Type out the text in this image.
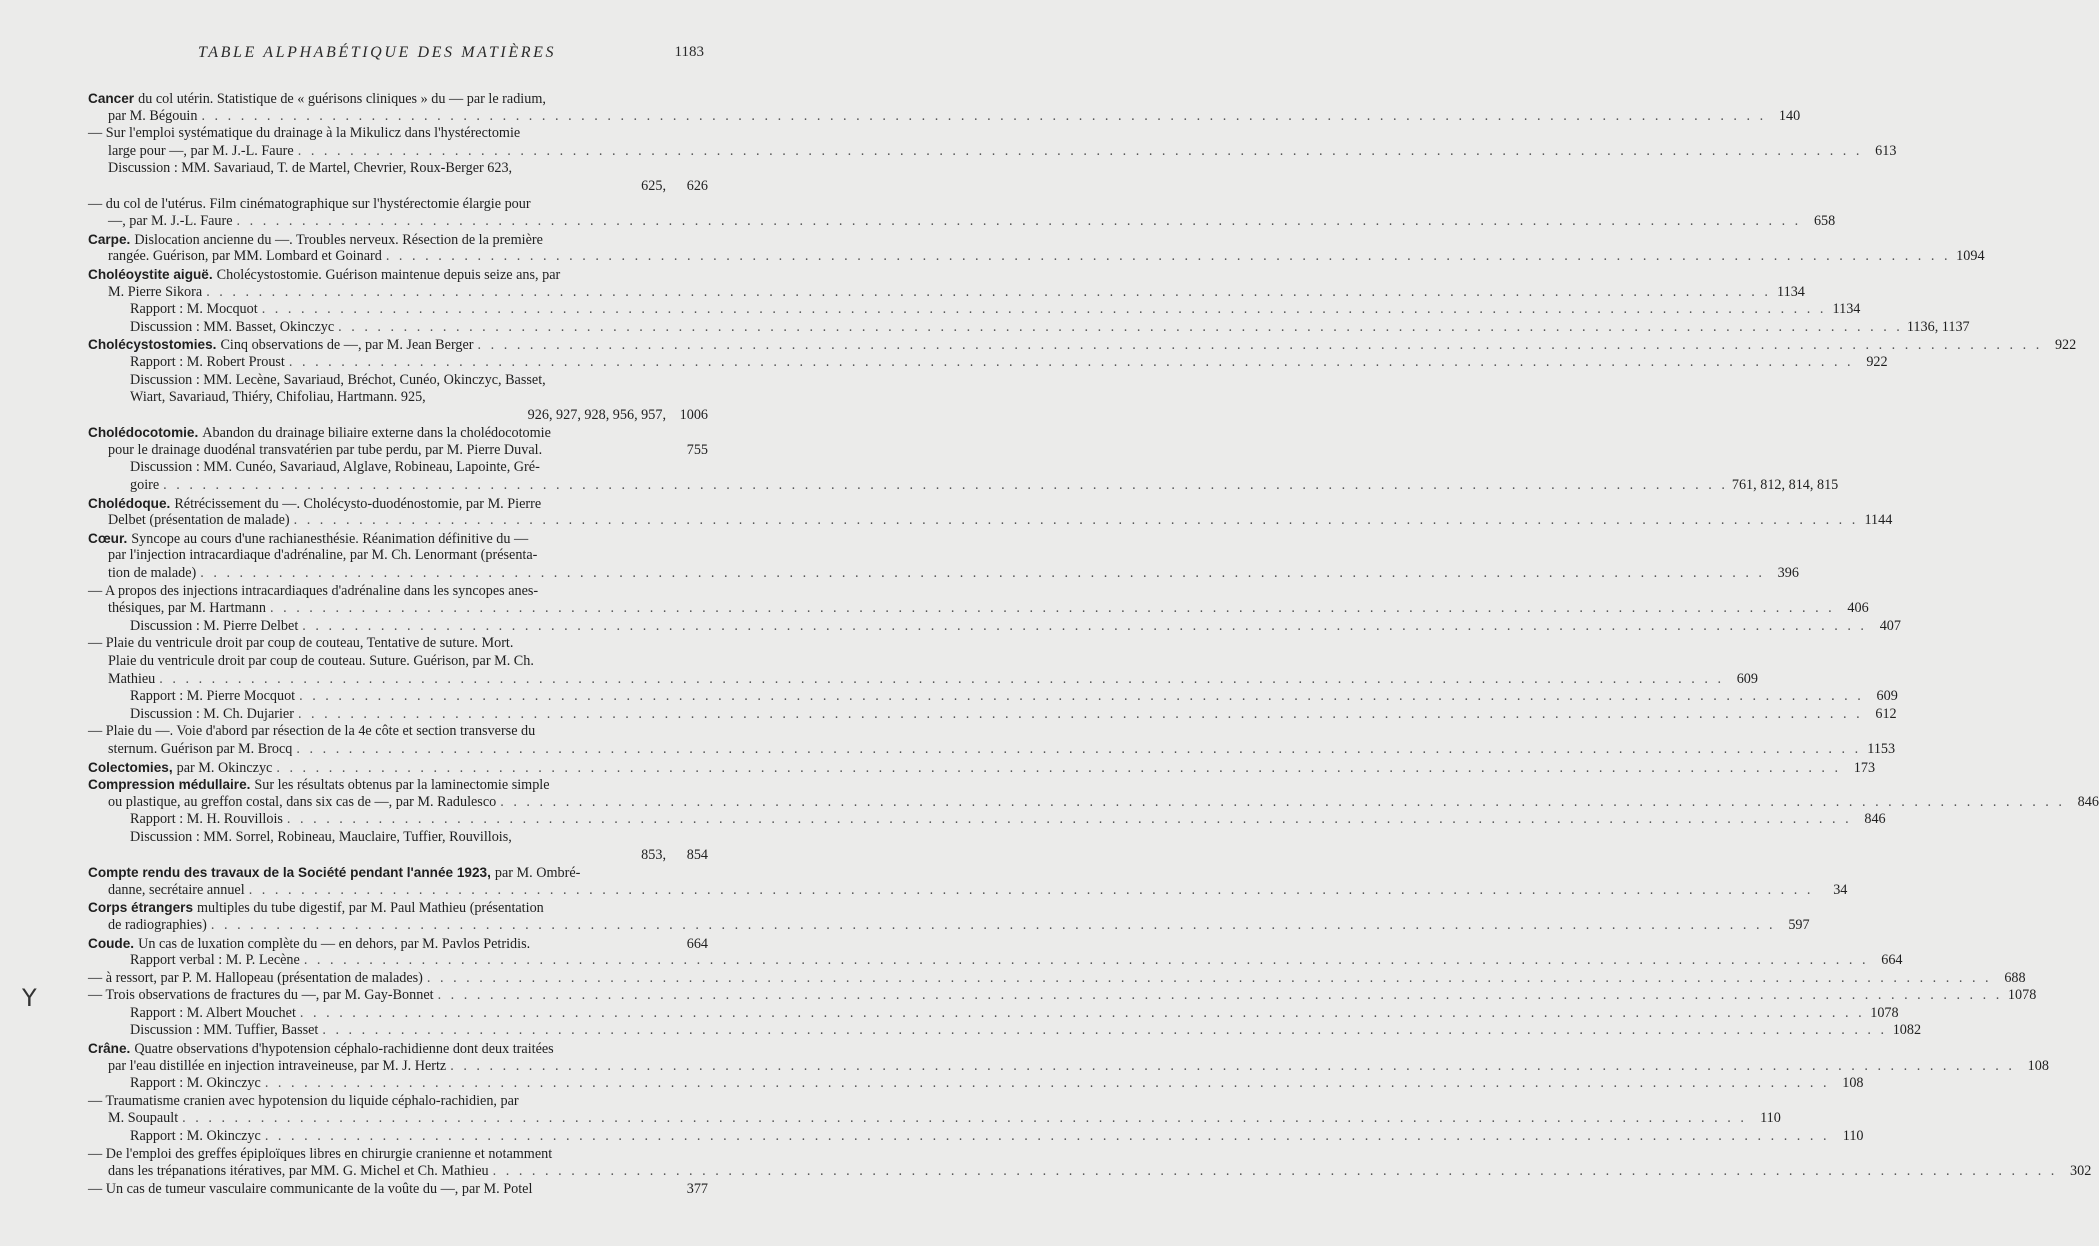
TABLE ALPHABÉTIQUE DES MATIÈRES	1183
Cancer du col utérin. Statistique de « guérisons cliniques » du — par le radium,
par M. Bégouin . . .	140
— Sur l'emploi systématique du drainage à la Mikulicz dans l'hystérectomie
large pour —, par M. J.-L. Faure . . .	613
Discussion : MM. Savariaud, T. de Martel, Chevrier, Roux-Berger 623,
625,	626
— du col de l'utérus. Film cinématographique sur l'hystérectomie élargie pour
—, par M. J.-L. Faure . . .	658
Carpe. Dislocation ancienne du —. Troubles nerveux. Résection de la première
rangée. Guérison, par MM. Lombard et Goinard . . .	1094
Choléoystite aiguë. Cholécystostomie. Guérison maintenue depuis seize ans, par
M. Pierre Sikora . . .	1134
Rapport : M. Mocquot . . .	1134
Discussion : MM. Basset, Okinczyc . . .	1136, 1137
Cholécystostomies. Cinq observations de —, par M. Jean Berger . . .	922
Rapport : M. Robert Proust . . .	922
Discussion : MM. Lecène, Savariaud, Bréchot, Cunéo, Okinczyc, Basset,
Wiart, Savariaud, Thiéry, Chifoliau, Hartmann. 925,
926, 927, 928, 956, 957, 1006
Cholédocotomie. Abandon du drainage biliaire externe dans la cholédocotomie
pour le drainage duodénal transvatérien par tube perdu, par M. Pierre Duval.	755
Discussion : MM. Cunéo, Savariaud, Alglave, Robineau, Lapointe, Gré-
goire . . .	761, 812, 814, 815
Cholédoque. Rétrécissement du —. Cholécysto-duodénostomie, par M. Pierre
Delbet (présentation de malade) . . .	1144
Cœur. Syncope au cours d'une rachianesthésie. Réanimation définitive du —
par l'injection intracardiaque d'adrénaline, par M. Ch. Lenormant (présenta-
tion de malade) . . .	396
— A propos des injections intracardiaques d'adrénaline dans les syncopes anes-
thésiques, par M. Hartmann . . .	406
Discussion : M. Pierre Delbet . . .	407
— Plaie du ventricule droit par coup de couteau, Tentative de suture. Mort.
Plaie du ventricule droit par coup de couteau. Suture. Guérison, par M. Ch.
Mathieu . . .	609
Rapport : M. Pierre Mocquot . . .	609
Discussion : M. Ch. Dujarier . . .	612
— Plaie du —. Voie d'abord par résection de la 4e côte et section transverse du
sternum. Guérison par M. Brocq . . .	1153
Colectomies, par M. Okinczyc . . .	173
Compression médullaire. Sur les résultats obtenus par la laminectomie simple
ou plastique, au greffon costal, dans six cas de —, par M. Radulesco . . .	846
Rapport : M. H. Rouvillois . . .	846
Discussion : MM. Sorrel, Robineau, Mauclaire, Tuffier, Rouvillois,
853,	854
Compte rendu des travaux de la Société pendant l'année 1923, par M. Ombré-
danne, secrétaire annuel . . .	34
Corps étrangers multiples du tube digestif, par M. Paul Mathieu (présentation
de radiographies) . . .	597
Coude. Un cas de luxation complète du — en dehors, par M. Pavlos Petridis.	664
Rapport verbal : M. P. Lecène . . .	664
— à ressort, par P. M. Hallopeau (présentation de malades) . . .	688
— Trois observations de fractures du —, par M. Gay-Bonnet . . .	1078
Rapport : M. Albert Mouchet . . .	1078
Discussion : MM. Tuffier, Basset . . .	1082
Crâne. Quatre observations d'hypotension céphalo-rachidienne dont deux traitées
par l'eau distillée en injection intraveineuse, par M. J. Hertz . . .	108
Rapport : M. Okinczyc . . .	108
— Traumatisme cranien avec hypotension du liquide céphalo-rachidien, par
M. Soupault . . .	110
Rapport : M. Okinczyc . . .	110
— De l'emploi des greffes épiploïques libres en chirurgie cranienne et notamment
dans les trépanations itératives, par MM. G. Michel et Ch. Mathieu . . .	302
— Un cas de tumeur vasculaire communicante de la voûte du —, par M. Potel	377
Y
